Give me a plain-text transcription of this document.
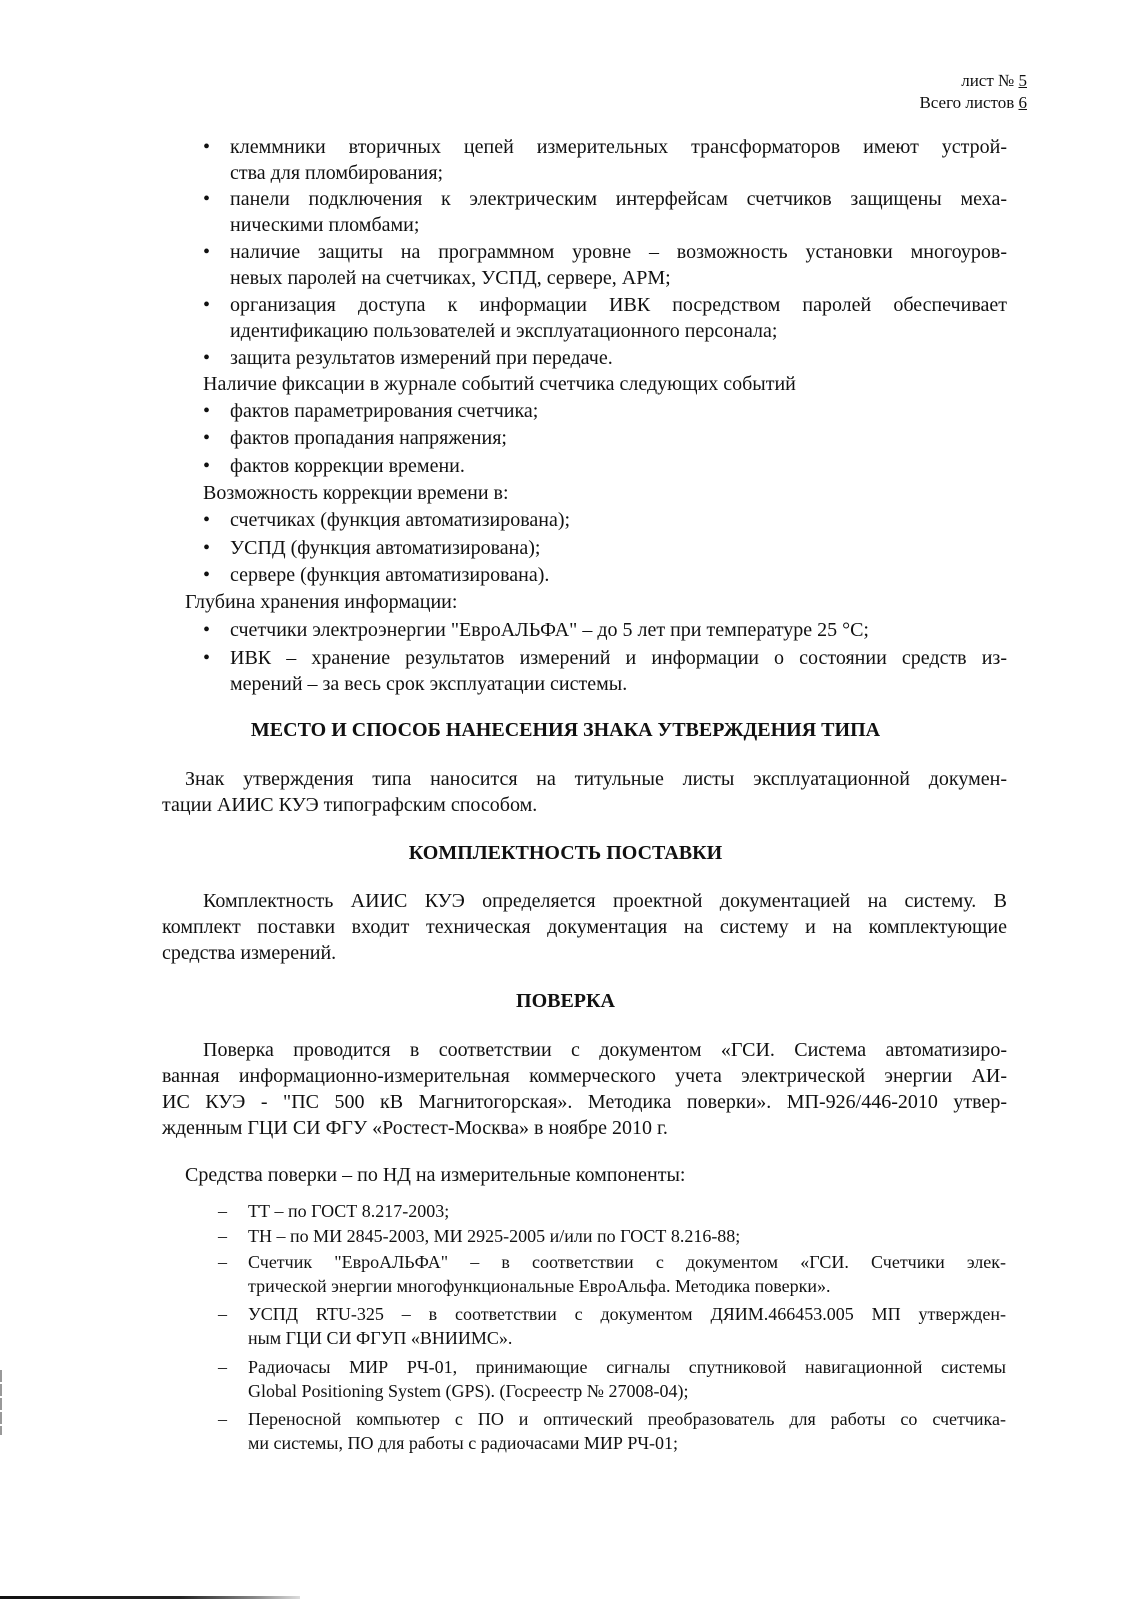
лист № 5
Всего листов 6
• клеммники вторичных цепей измерительных трансформаторов имеют устрой-
ства для пломбирования;
• панели подключения к электрическим интерфейсам счетчиков защищены меха-
ническими пломбами;
• наличие защиты на программном уровне – возможность установки многоуров-
невых паролей на счетчиках, УСПД, сервере, АРМ;
• организация доступа к информации ИВК посредством паролей обеспечивает
идентификацию пользователей и эксплуатационного персонала;
• защита результатов измерений при передаче.
Наличие фиксации в журнале событий счетчика следующих событий
• фактов параметрирования счетчика;
• фактов пропадания напряжения;
• фактов коррекции времени.
Возможность коррекции времени в:
• счетчиках (функция автоматизирована);
• УСПД (функция автоматизирована);
• сервере (функция автоматизирована).
Глубина хранения информации:
• счетчики электроэнергии "ЕвроАЛЬФА" – до 5 лет при температуре 25 °С;
• ИВК – хранение результатов измерений и информации о состоянии средств из-
мерений – за весь срок эксплуатации системы.
МЕСТО И СПОСОБ НАНЕСЕНИЯ ЗНАКА УТВЕРЖДЕНИЯ ТИПА
Знак утверждения типа наносится на титульные листы эксплуатационной докумен-
тации АИИС КУЭ типографским способом.
КОМПЛЕКТНОСТЬ ПОСТАВКИ
Комплектность АИИС КУЭ определяется проектной документацией на систему. В
комплект поставки входит техническая документация на систему и на комплектующие
средства измерений.
ПОВЕРКА
Поверка проводится в соответствии с документом «ГСИ. Система автоматизиро-
ванная информационно-измерительная коммерческого учета электрической энергии АИ-
ИС КУЭ - "ПС 500 кВ Магнитогорская». Методика поверки». МП-926/446-2010 утвер-
жденным ГЦИ СИ ФГУ «Ростест-Москва» в ноябре 2010 г.
Средства поверки – по НД на измерительные компоненты:
– ТТ – по ГОСТ 8.217-2003;
– ТН – по МИ 2845-2003, МИ 2925-2005 и/или по ГОСТ 8.216-88;
– Счетчик "ЕвроАЛЬФА" – в соответствии с документом «ГСИ. Счетчики элек-
трической энергии многофункциональные ЕвроАльфа. Методика поверки».
– УСПД RTU-325 – в соответствии с документом ДЯИМ.466453.005 МП утвержден-
ным ГЦИ СИ ФГУП «ВНИИМС».
– Радиочасы МИР РЧ-01, принимающие сигналы спутниковой навигационной системы
Global Positioning System (GPS). (Госреестр № 27008-04);
– Переносной компьютер с ПО и оптический преобразователь для работы со счетчика-
ми системы, ПО для работы с радиочасами МИР РЧ-01;
